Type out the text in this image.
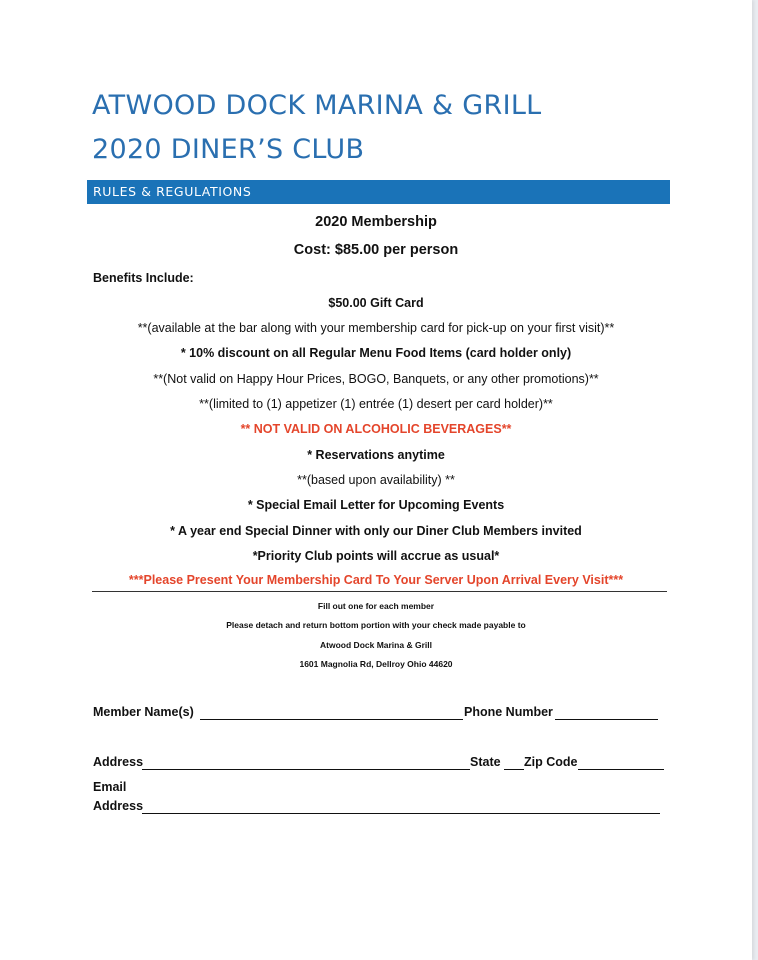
ATWOOD DOCK MARINA & GRILL
2020 DINER’S CLUB
RULES & REGULATIONS
2020 Membership
Cost: $85.00 per person
Benefits Include:
$50.00 Gift Card
**(available at the bar along with your membership card for pick-up on your first visit)**
* 10% discount on all Regular Menu Food Items (card holder only)
**(Not valid on Happy Hour Prices, BOGO, Banquets, or any other promotions)**
**(limited to (1) appetizer (1) entrée (1) desert per card holder)**
** NOT VALID ON ALCOHOLIC BEVERAGES**
* Reservations anytime
**(based upon availability) **
* Special Email Letter for Upcoming Events
* A year end Special Dinner with only our Diner Club Members invited
*Priority Club points will accrue as usual*
***Please Present Your Membership Card To Your Server Upon Arrival Every Visit***
Fill out one for each member
Please detach and return bottom portion with your check made payable to
Atwood Dock Marina & Grill
1601 Magnolia Rd, Dellroy Ohio 44620
Member Name(s)	Phone Number
Address	State Zip Code
Email
Address
